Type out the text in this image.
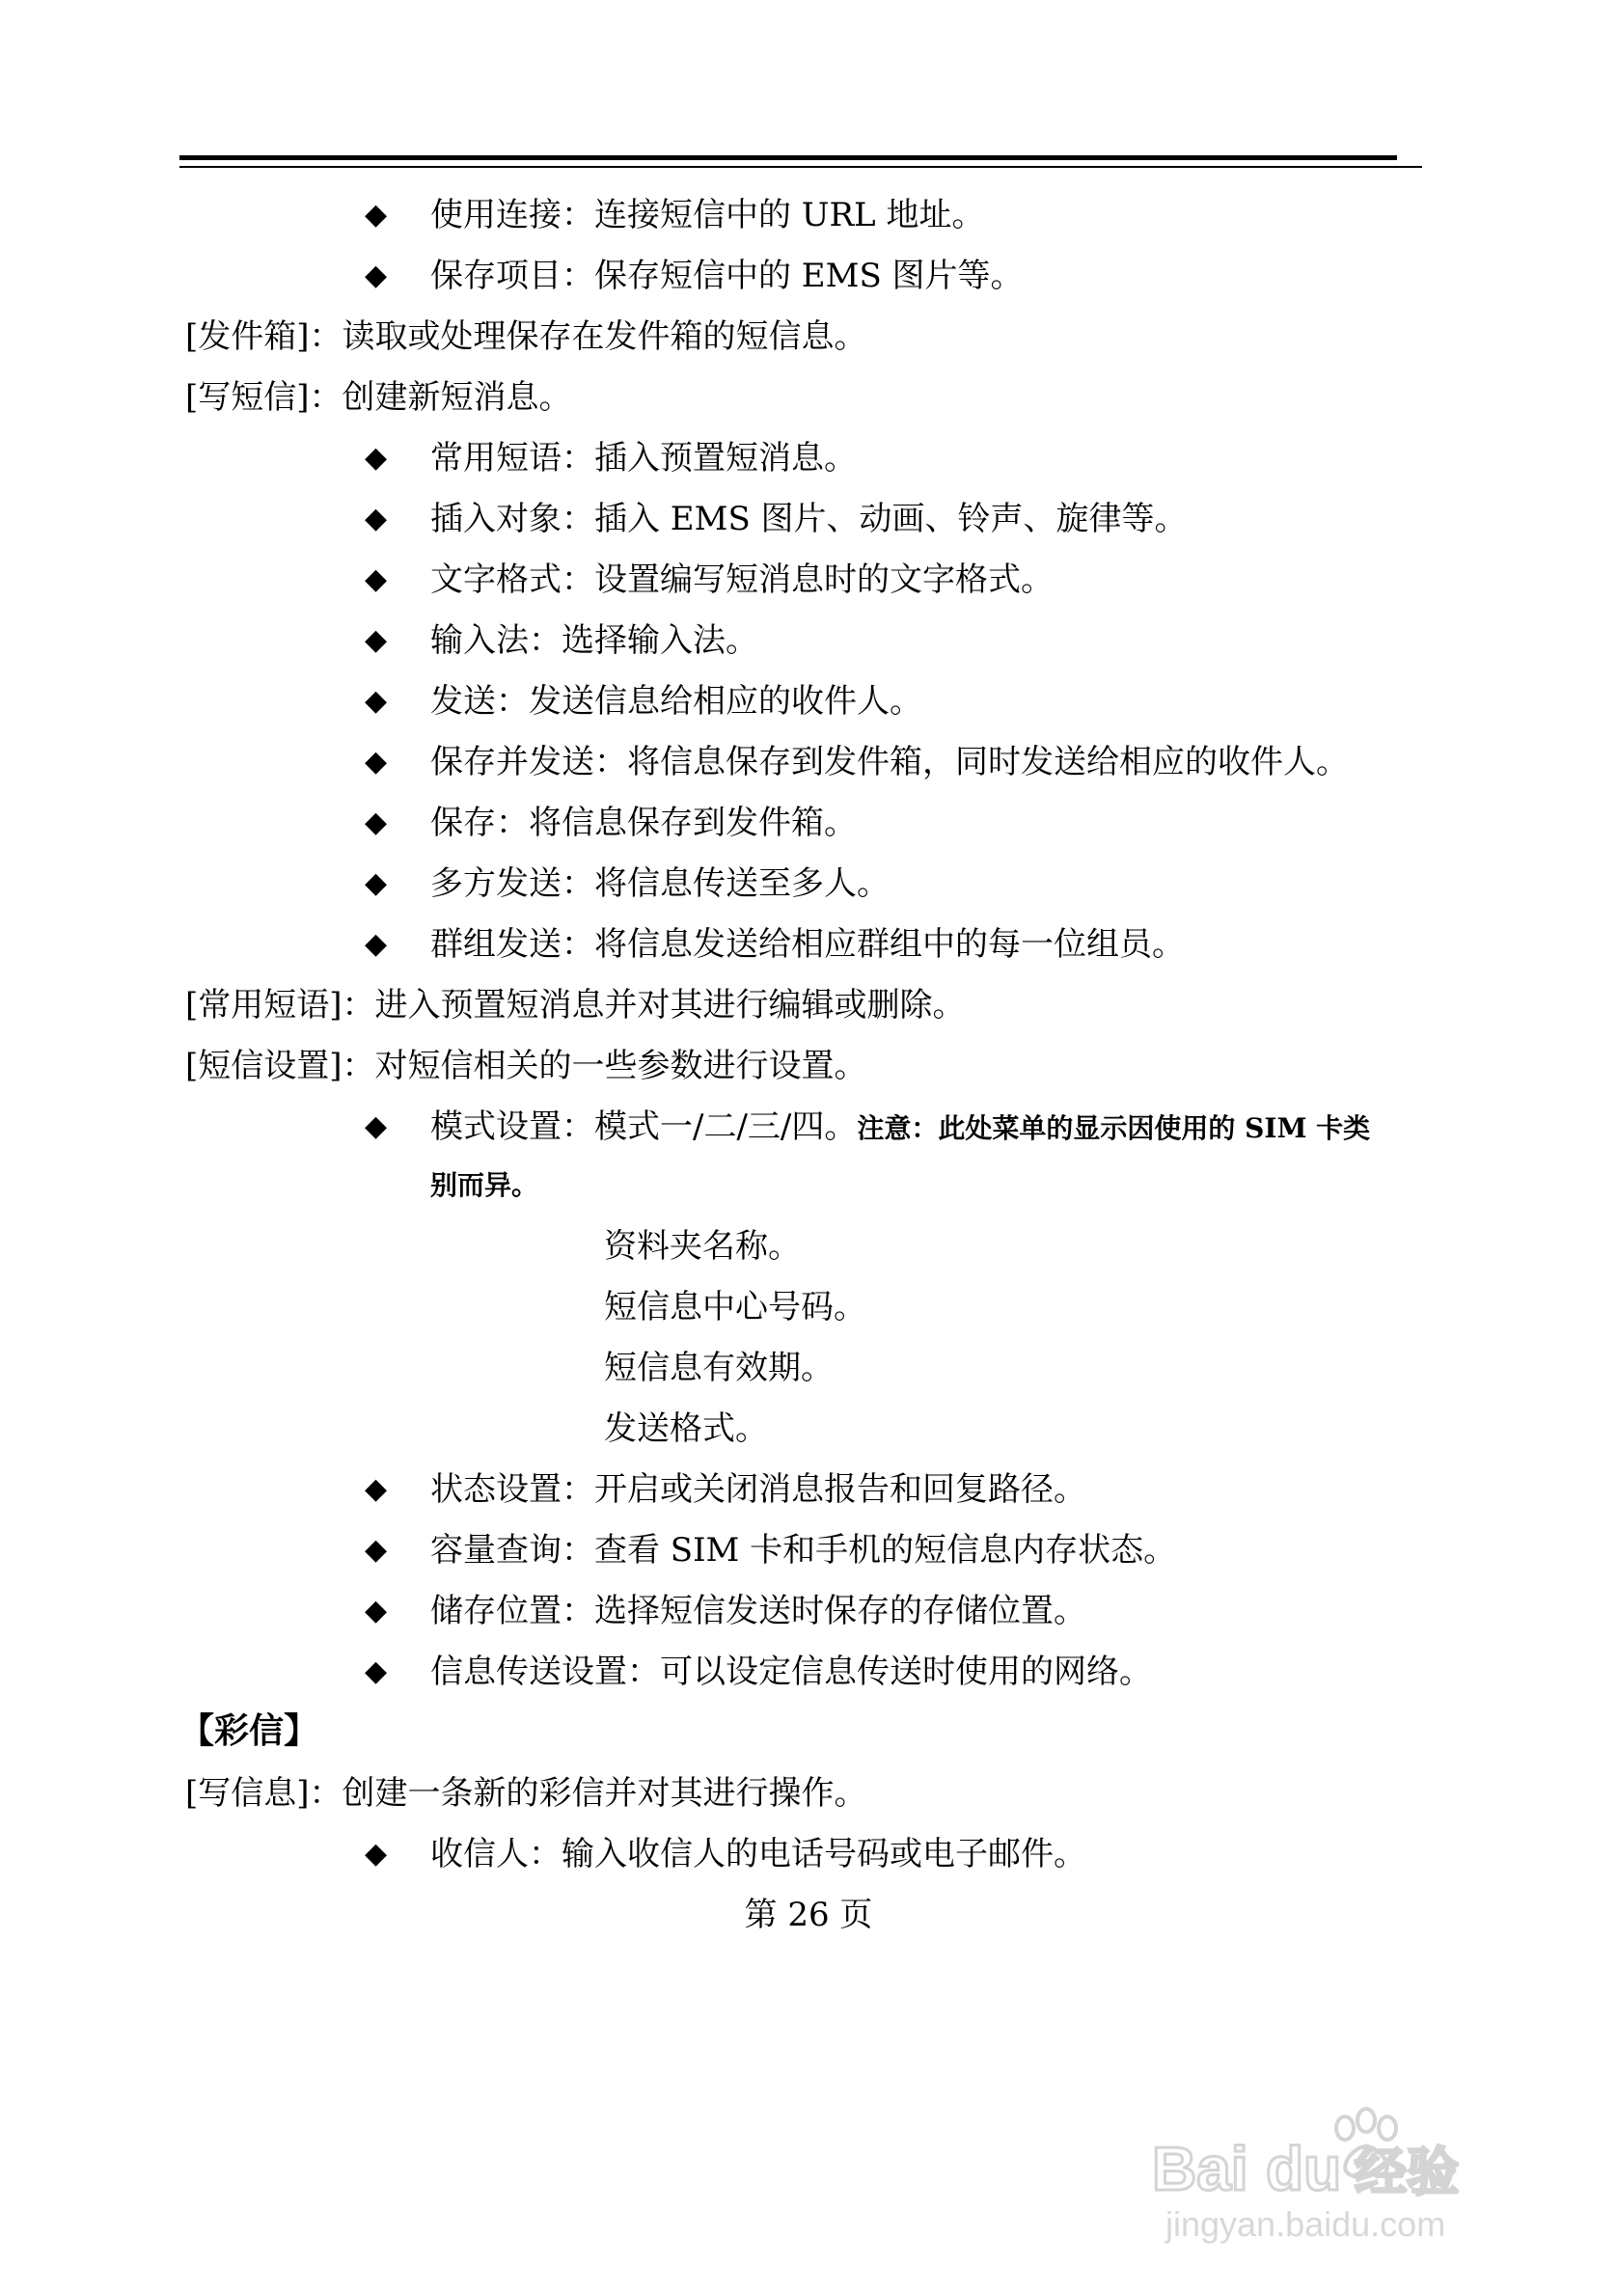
◆ 使用连接：连接短信中的 URL 地址。
◆ 保存项目：保存短信中的 EMS 图片等。
[发件箱]：读取或处理保存在发件箱的短信息。
[写短信]：创建新短消息。
◆ 常用短语：插入预置短消息。
◆ 插入对象：插入 EMS 图片、动画、铃声、旋律等。
◆ 文字格式：设置编写短消息时的文字格式。
◆ 输入法：选择输入法。
◆ 发送：发送信息给相应的收件人。
◆ 保存并发送：将信息保存到发件箱，同时发送给相应的收件人。
◆ 保存：将信息保存到发件箱。
◆ 多方发送：将信息传送至多人。
◆ 群组发送：将信息发送给相应群组中的每一位组员。
[常用短语]：进入预置短消息并对其进行编辑或删除。
[短信设置]：对短信相关的一些参数进行设置。
◆ 模式设置：模式一/二/三/四。注意：此处菜单的显示因使用的 SIM 卡类
别而异。
资料夹名称。
短信息中心号码。
短信息有效期。
发送格式。
◆ 状态设置：开启或关闭消息报告和回复路径。
◆ 容量查询：查看 SIM 卡和手机的短信息内存状态。
◆ 储存位置：选择短信发送时保存的存储位置。
◆ 信息传送设置：可以设定信息传送时使用的网络。
【彩信】
[写信息]：创建一条新的彩信并对其进行操作。
◆ 收信人：输入收信人的电话号码或电子邮件。
第 26 页
Bai du 经验
jingyan.baidu.com
